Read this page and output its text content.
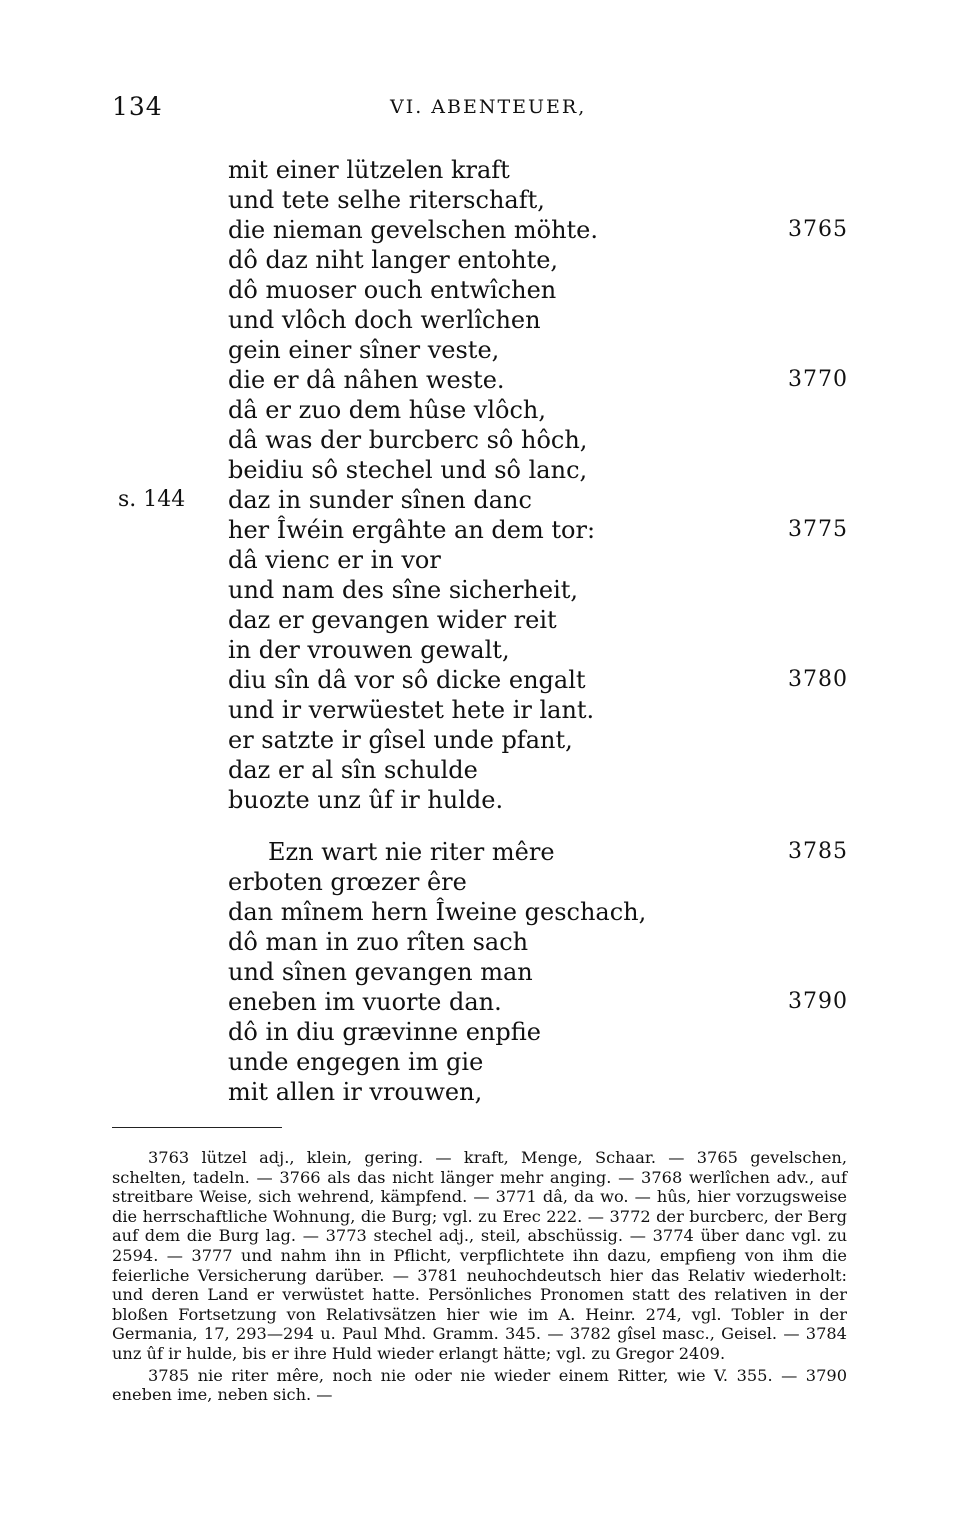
134	VI. ABENTEUER,
mit einer lützelen kraft
und tete selhe riterschaft,
die nieman gevelschen möhte.	3765
dô daz niht langer entohte,
dô muoser ouch entwîchen
und vlôch doch werlîchen
gein einer sîner veste,
die er dâ nâhen weste.	3770
dâ er zuo dem hûse vlôch,
dâ was der burcberc sô hôch,
beidiu sô stechel und sô lanc,
daz in sunder sînen danc
s. 144
her Îwéin ergâhte an dem tor:	3775
dâ vienc er in vor
und nam des sîne sicherheit,
daz er gevangen wider reit
in der vrouwen gewalt,
diu sîn dâ vor sô dicke engalt	3780
und ir verwüestet hete ir lant.
er satzte ir gîsel unde pfant,
daz er al sîn schulde
buozte unz ûf ir hulde.
Ezn wart nie riter mêre	3785
erboten grœzer êre
dan mînem hern Îweine geschach,
dô man in zuo rîten sach
und sînen gevangen man
eneben im vuorte dan.	3790
dô in diu grævinne enpfie
unde engegen im gie
mit allen ir vrouwen,

3763 lützel adj., klein, gering. — kraft, Menge, Schaar. — 3765 gevelschen, schelten, tadeln. — 3766 als das nicht länger mehr anging. — 3768 werlîchen adv., auf streitbare Weise, sich wehrend, kämpfend. — 3771 dâ, da wo. — hûs, hier vorzugsweise die herrschaftliche Wohnung, die Burg; vgl. zu Erec 222. — 3772 der burcberc, der Berg auf dem die Burg lag. — 3773 stechel adj., steil, abschüssig. — 3774 über danc vgl. zu 2594. — 3777 und nahm ihn in Pflicht, verpflichtete ihn dazu, empfieng von ihm die feierliche Versicherung darüber. — 3781 neuhochdeutsch hier das Relativ wiederholt: und deren Land er verwüstet hatte. Persönliches Pronomen statt des relativen in der bloßen Fortsetzung von Relativsätzen hier wie im A. Heinr. 274, vgl. Tobler in der Germania, 17, 293—294 u. Paul Mhd. Gramm. 345. — 3782 gîsel masc., Geisel. — 3784 unz ûf ir hulde, bis er ihre Huld wieder erlangt hätte; vgl. zu Gregor 2409.

3785 nie riter mêre, noch nie oder nie wieder einem Ritter, wie V. 355. — 3790 eneben ime, neben sich. —
